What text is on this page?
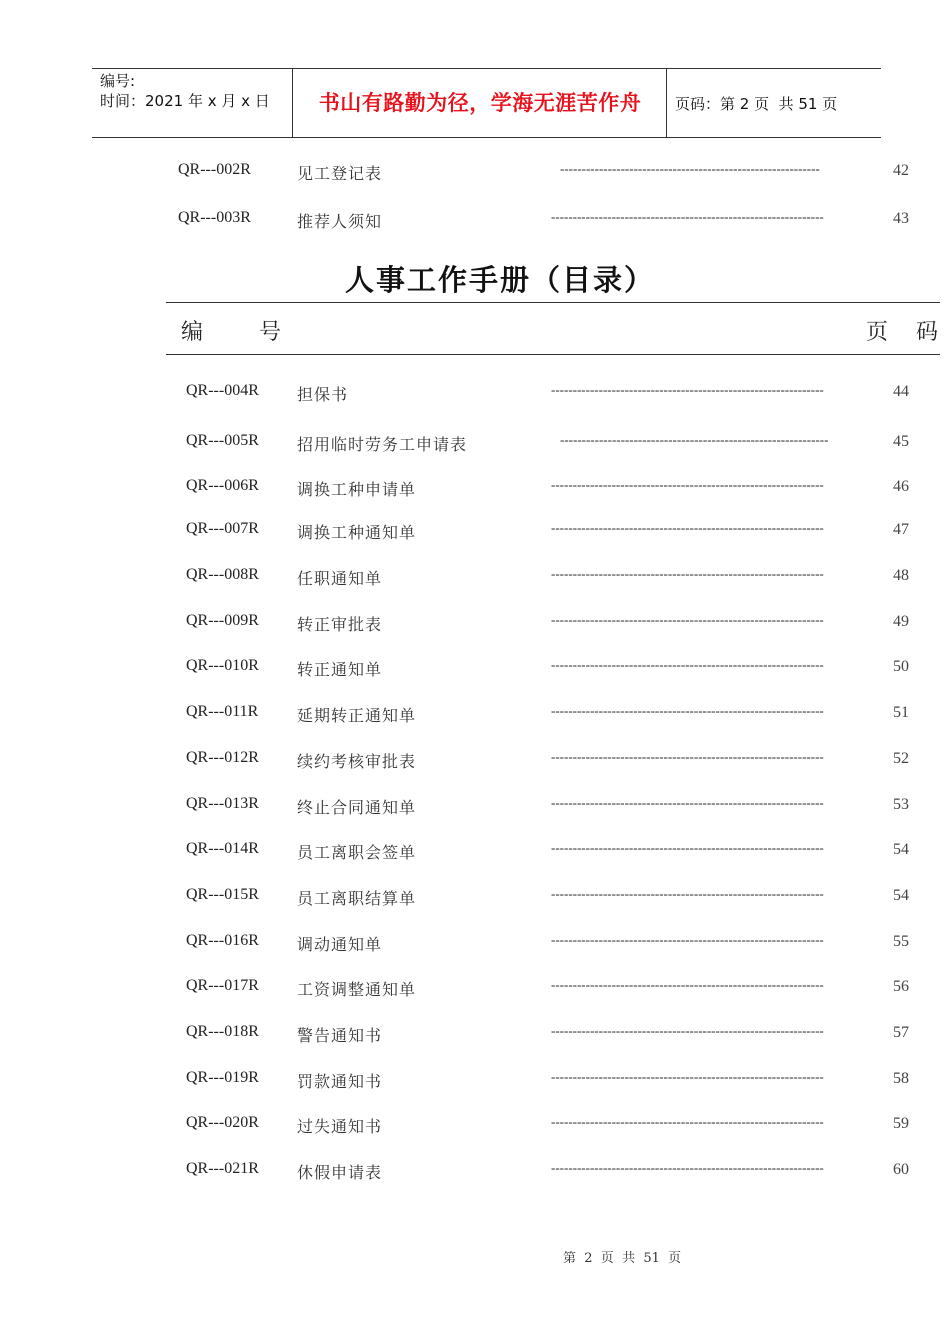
编号:
时间：2021 年 x 月 x 日	书山有路勤为径，学海无涯苦作舟	页码：第 2 页  共 51 页
QR---002R	见工登记表	------------------------------------------------------------	42
QR---003R	推荐人须知	---------------------------------------------------------------	43
人事工作手册（目录）
编        号	页    码
QR---004R 担保书	---------------------------------------------------------------	44
QR---005R 招用临时劳务工申请表	--------------------------------------------------------------	45
QR---006R 调换工种申请单	---------------------------------------------------------------	46
QR---007R 调换工种通知单	---------------------------------------------------------------	47
QR---008R 任职通知单	---------------------------------------------------------------	48
QR---009R 转正审批表	---------------------------------------------------------------	49
QR---010R 转正通知单	---------------------------------------------------------------	50
QR---011R 延期转正通知单	---------------------------------------------------------------	51
QR---012R 续约考核审批表	---------------------------------------------------------------	52
QR---013R 终止合同通知单	---------------------------------------------------------------	53
QR---014R 员工离职会签单	---------------------------------------------------------------	54
QR---015R 员工离职结算单	---------------------------------------------------------------	54
QR---016R 调动通知单	---------------------------------------------------------------	55
QR---017R 工资调整通知单	---------------------------------------------------------------	56
QR---018R 警告通知书	---------------------------------------------------------------	57
QR---019R 罚款通知书	---------------------------------------------------------------	58
QR---020R 过失通知书	---------------------------------------------------------------	59
QR---021R 休假申请表	---------------------------------------------------------------	60
第  2  页  共  51  页
